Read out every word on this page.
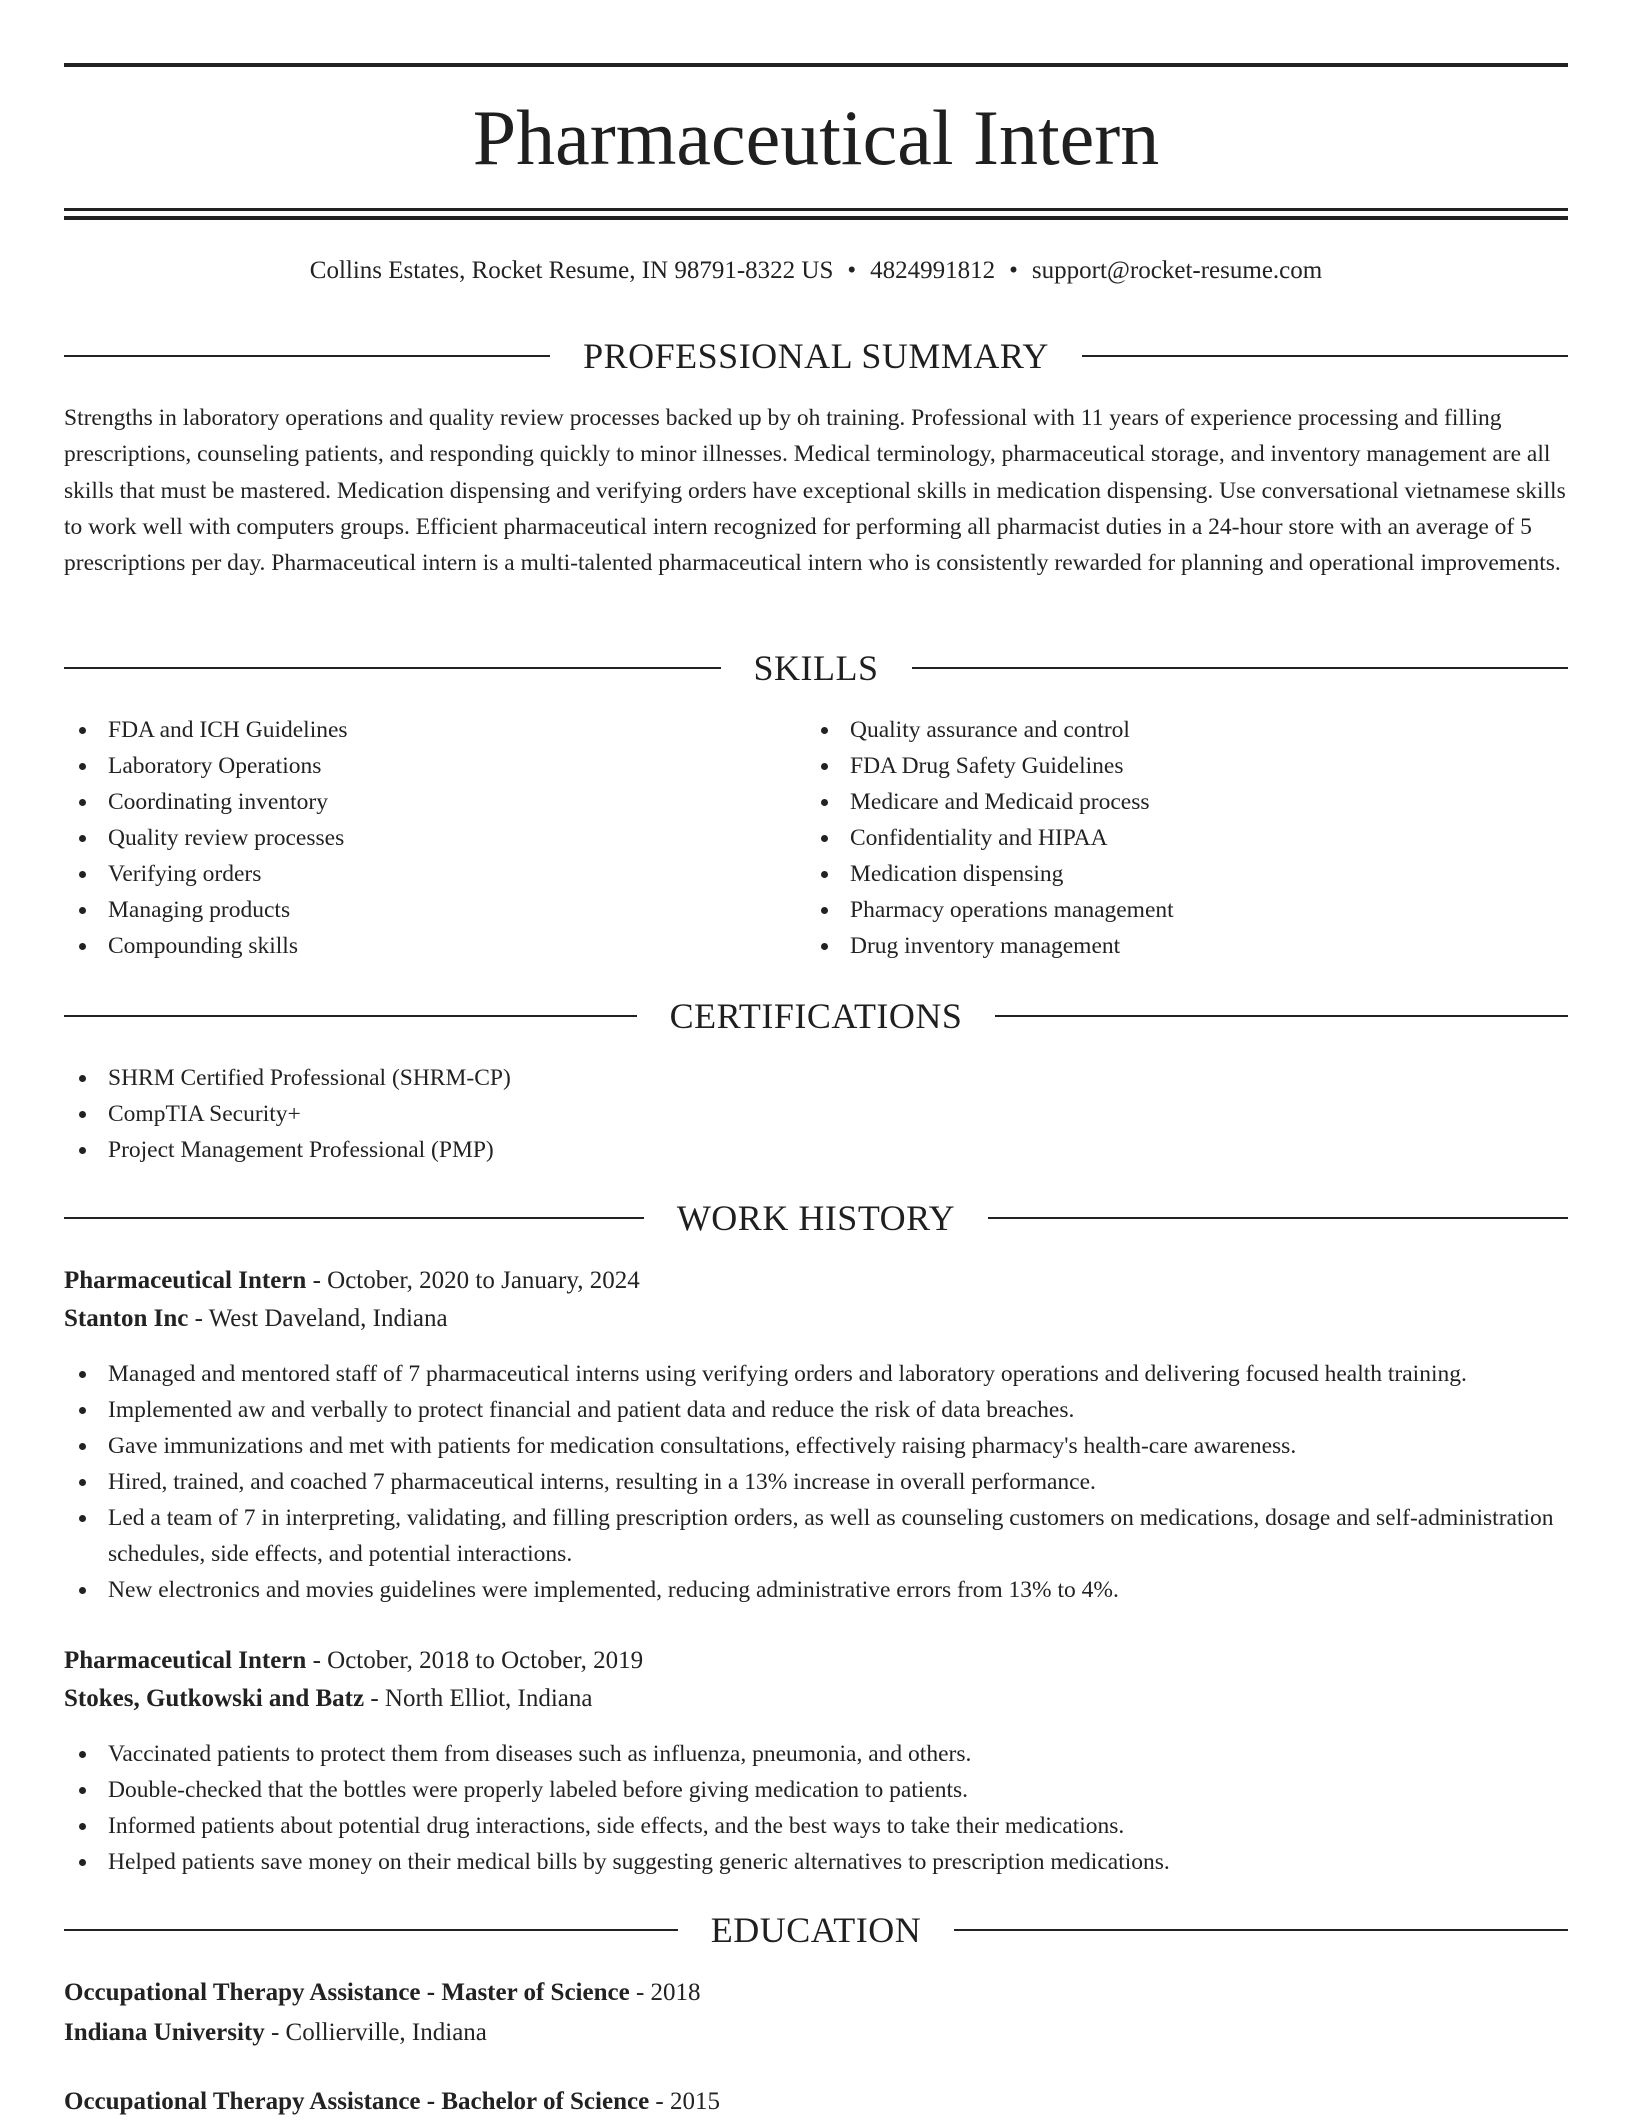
Pharmaceutical Intern
Collins Estates, Rocket Resume, IN 98791-8322 US • 4824991812 • support@rocket-resume.com
PROFESSIONAL SUMMARY

Strengths in laboratory operations and quality review processes backed up by oh training. Professional with 11 years of experience processing and filling prescriptions, counseling patients, and responding quickly to minor illnesses. Medical terminology, pharmaceutical storage, and inventory management are all skills that must be mastered. Medication dispensing and verifying orders have exceptional skills in medication dispensing. Use conversational vietnamese skills to work well with computers groups. Efficient pharmaceutical intern recognized for performing all pharmacist duties in a 24-hour store with an average of 5 prescriptions per day. Pharmaceutical intern is a multi-talented pharmaceutical intern who is consistently rewarded for planning and operational improvements.

SKILLS
FDA and ICH Guidelines
Laboratory Operations
Coordinating inventory
Quality review processes
Verifying orders
Managing products
Compounding skills
Quality assurance and control
FDA Drug Safety Guidelines
Medicare and Medicaid process
Confidentiality and HIPAA
Medication dispensing
Pharmacy operations management
Drug inventory management
CERTIFICATIONS
SHRM Certified Professional (SHRM-CP)
CompTIA Security+
Project Management Professional (PMP)
WORK HISTORY
Pharmaceutical Intern - October, 2020 to January, 2024
Stanton Inc - West Daveland, Indiana
Managed and mentored staff of 7 pharmaceutical interns using verifying orders and laboratory operations and delivering focused health training.
Implemented aw and verbally to protect financial and patient data and reduce the risk of data breaches.
Gave immunizations and met with patients for medication consultations, effectively raising pharmacy's health-care awareness.
Hired, trained, and coached 7 pharmaceutical interns, resulting in a 13% increase in overall performance.
Led a team of 7 in interpreting, validating, and filling prescription orders, as well as counseling customers on medications, dosage and self-administration schedules, side effects, and potential interactions.
New electronics and movies guidelines were implemented, reducing administrative errors from 13% to 4%.
Pharmaceutical Intern - October, 2018 to October, 2019
Stokes, Gutkowski and Batz - North Elliot, Indiana
Vaccinated patients to protect them from diseases such as influenza, pneumonia, and others.
Double-checked that the bottles were properly labeled before giving medication to patients.
Informed patients about potential drug interactions, side effects, and the best ways to take their medications.
Helped patients save money on their medical bills by suggesting generic alternatives to prescription medications.
EDUCATION
Occupational Therapy Assistance - Master of Science - 2018
Indiana University - Collierville, Indiana
Occupational Therapy Assistance - Bachelor of Science - 2015
